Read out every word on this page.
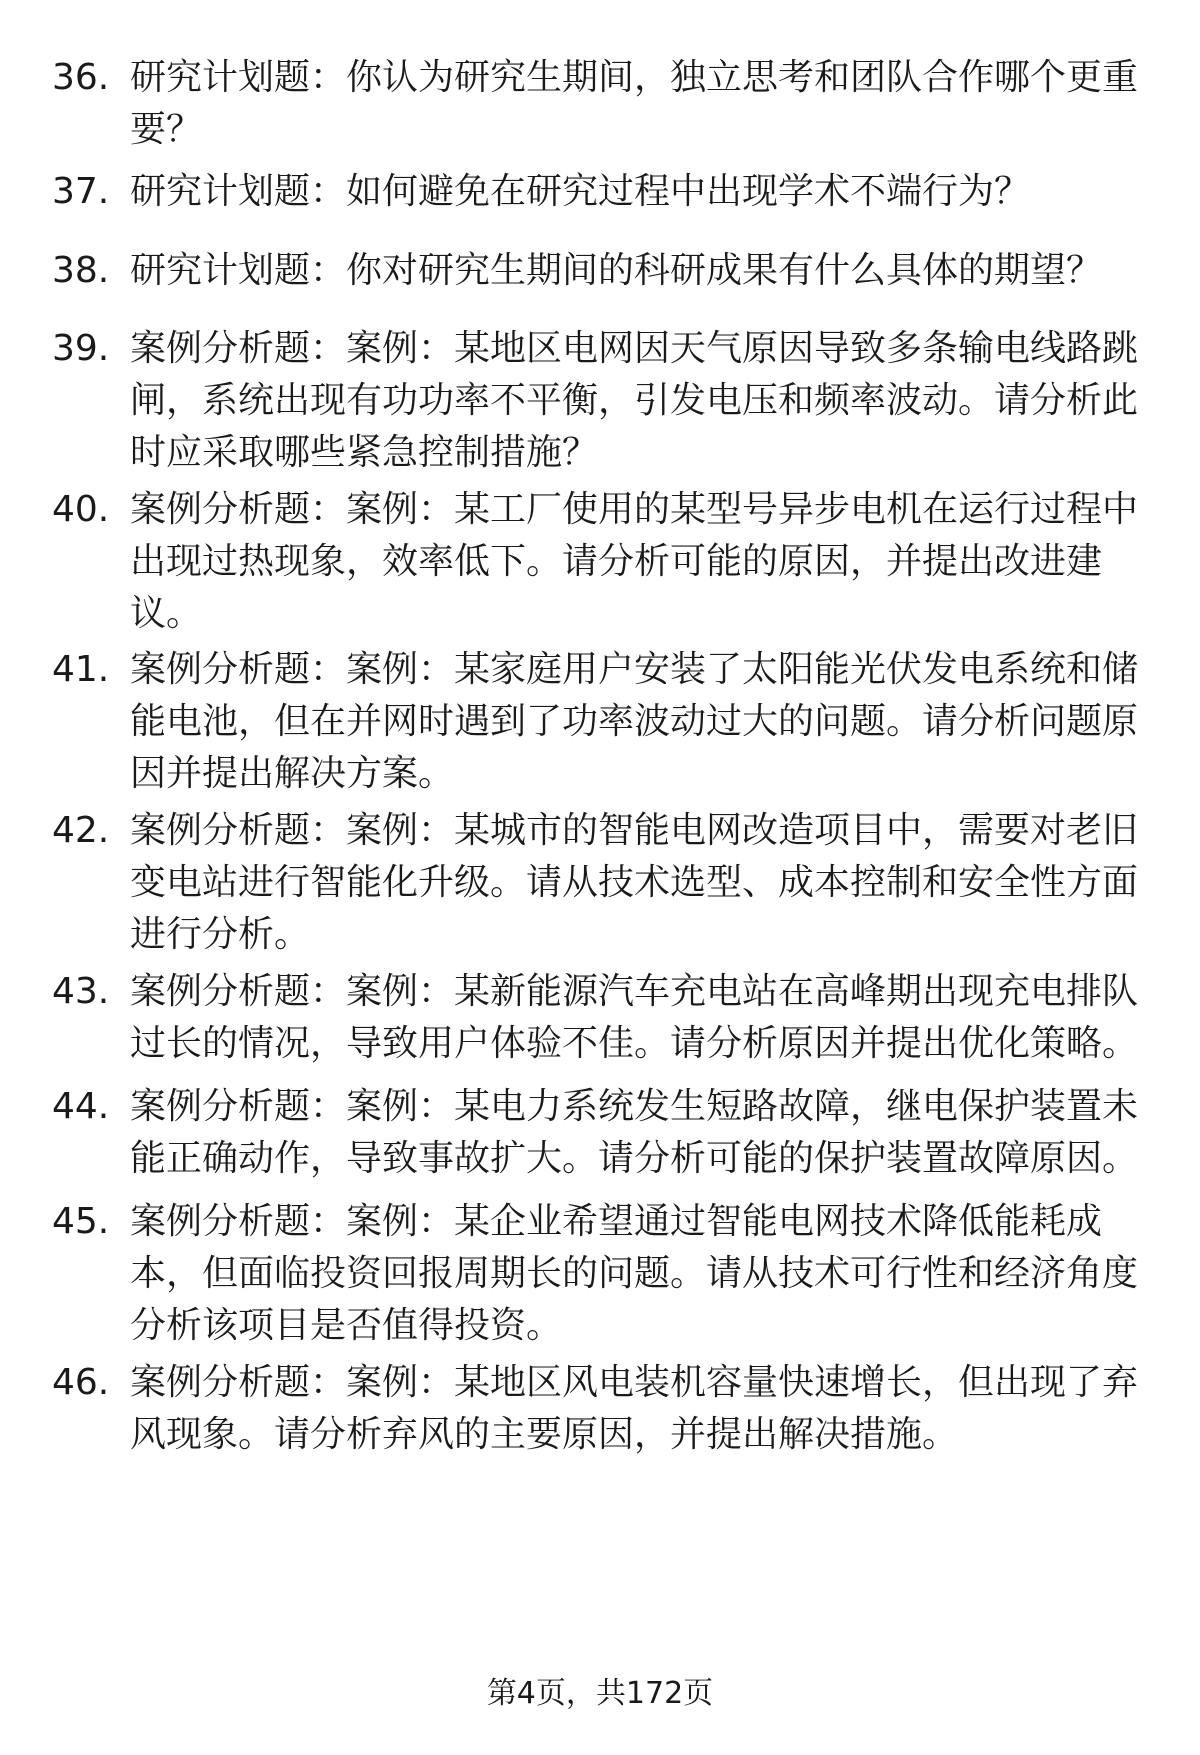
36. 研究计划题：你认为研究生期间，独立思考和团队合作哪个更重要？
37. 研究计划题：如何避免在研究过程中出现学术不端行为？
38. 研究计划题：你对研究生期间的科研成果有什么具体的期望？
39. 案例分析题：案例：某地区电网因天气原因导致多条输电线路跳闸，系统出现有功功率不平衡，引发电压和频率波动。请分析此时应采取哪些紧急控制措施？
40. 案例分析题：案例：某工厂使用的某型号异步电机在运行过程中出现过热现象，效率低下。请分析可能的原因，并提出改进建议。
41. 案例分析题：案例：某家庭用户安装了太阳能光伏发电系统和储能电池，但在并网时遇到了功率波动过大的问题。请分析问题原因并提出解决方案。
42. 案例分析题：案例：某城市的智能电网改造项目中，需要对老旧变电站进行智能化升级。请从技术选型、成本控制和安全性方面进行分析。
43. 案例分析题：案例：某新能源汽车充电站在高峰期出现充电排队过长的情况，导致用户体验不佳。请分析原因并提出优化策略。
44. 案例分析题：案例：某电力系统发生短路故障，继电保护装置未能正确动作，导致事故扩大。请分析可能的保护装置故障原因。
45. 案例分析题：案例：某企业希望通过智能电网技术降低能耗成本，但面临投资回报周期长的问题。请从技术可行性和经济角度分析该项目是否值得投资。
46. 案例分析题：案例：某地区风电装机容量快速增长，但出现了弃风现象。请分析弃风的主要原因，并提出解决措施。
第4页，共172页
